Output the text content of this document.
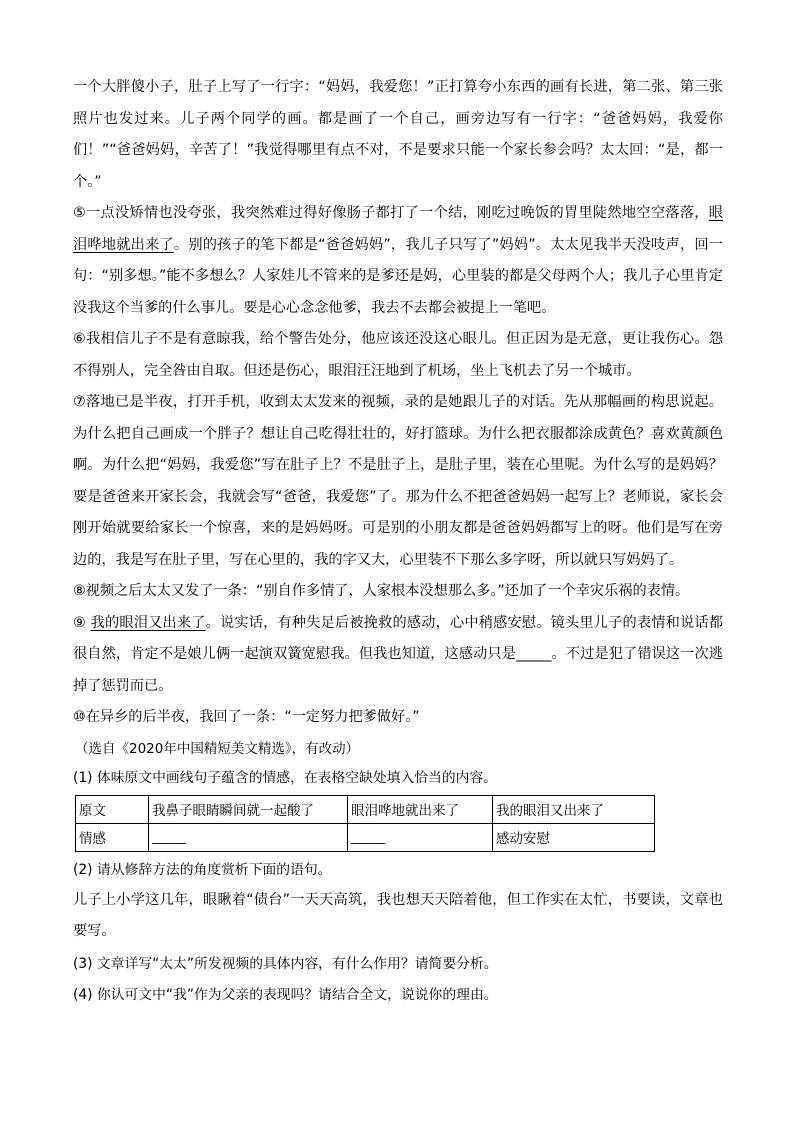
一个大胖傻小子，肚子上写了一行字：“妈妈，我爱您！”正打算夸小东西的画有长进，第二张、第三张照片也发过来。儿子两个同学的画。都是画了一个自己，画旁边写有一行字：“爸爸妈妈，我爱你们！”“爸爸妈妈，辛苦了！”我觉得哪里有点不对，不是要求只能一个家长参会吗？太太回：“是，都一个。”

⑤一点没矫情也没夸张，我突然难过得好像肠子都打了一个结，刚吃过晚饭的胃里陡然地空空落落，眼泪哗地就出来了。别的孩子的笔下都是“爸爸妈妈”，我儿子只写了”妈妈”。太太见我半天没吱声，回一句：“别多想。”能不多想么？人家娃儿不管来的是爹还是妈，心里装的都是父母两个人；我儿子心里肯定没我这个当爹的什么事儿。要是心心念念他爹，我去不去都会被提上一笔吧。

⑥我相信儿子不是有意晾我，给个警告处分，他应该还没这心眼儿。但正因为是无意，更让我伤心。怨不得别人，完全咎由自取。但还是伤心，眼泪汪汪地到了机场，坐上飞机去了另一个城市。

⑦落地已是半夜，打开手机，收到太太发来的视频，录的是她跟儿子的对话。先从那幅画的构思说起。为什么把自己画成一个胖子？想让自己吃得壮壮的，好打篮球。为什么把衣服都涂成黄色？喜欢黄颜色啊。为什么把“妈妈，我爱您”写在肚子上？不是肚子上，是肚子里，装在心里呢。为什么写的是妈妈？要是爸爸来开家长会，我就会写“爸爸，我爱您”了。那为什么不把爸爸妈妈一起写上？老师说，家长会刚开始就要给家长一个惊喜，来的是妈妈呀。可是别的小朋友都是爸爸妈妈都写上的呀。他们是写在旁边的，我是写在肚子里，写在心里的，我的字又大，心里装不下那么多字呀，所以就只写妈妈了。

⑧视频之后太太又发了一条：“别自作多情了，人家根本没想那么多。”还加了一个幸灾乐祸的表情。

⑨ 我的眼泪又出来了。说实话，有种失足后被挽救的感动，心中稍感安慰。镜头里儿子的表情和说话都很自然，肯定不是娘儿俩一起演双簧宽慰我。但我也知道，这感动只是_____。不过是犯了错误这一次逃掉了惩罚而已。

⑩在异乡的后半夜，我回了一条：“一定努力把爹做好。”

（选自《2020年中国精短美文精选》，有改动）

(1) 体味原文中画线句子蕴含的情感，在表格空缺处填入恰当的内容。

原文	我鼻子眼睛瞬间就一起酸了	眼泪哗地就出来了	我的眼泪又出来了
情感	_____	_____	感动安慰

(2) 请从修辞方法的角度赏析下面的语句。

儿子上小学这几年，眼瞅着“债台”一天天高筑，我也想天天陪着他，但工作实在太忙，书要读，文章也要写。

(3) 文章详写“太太”所发视频的具体内容，有什么作用？请简要分析。

(4) 你认可文中“我”作为父亲的表现吗？请结合全文，说说你的理由。
